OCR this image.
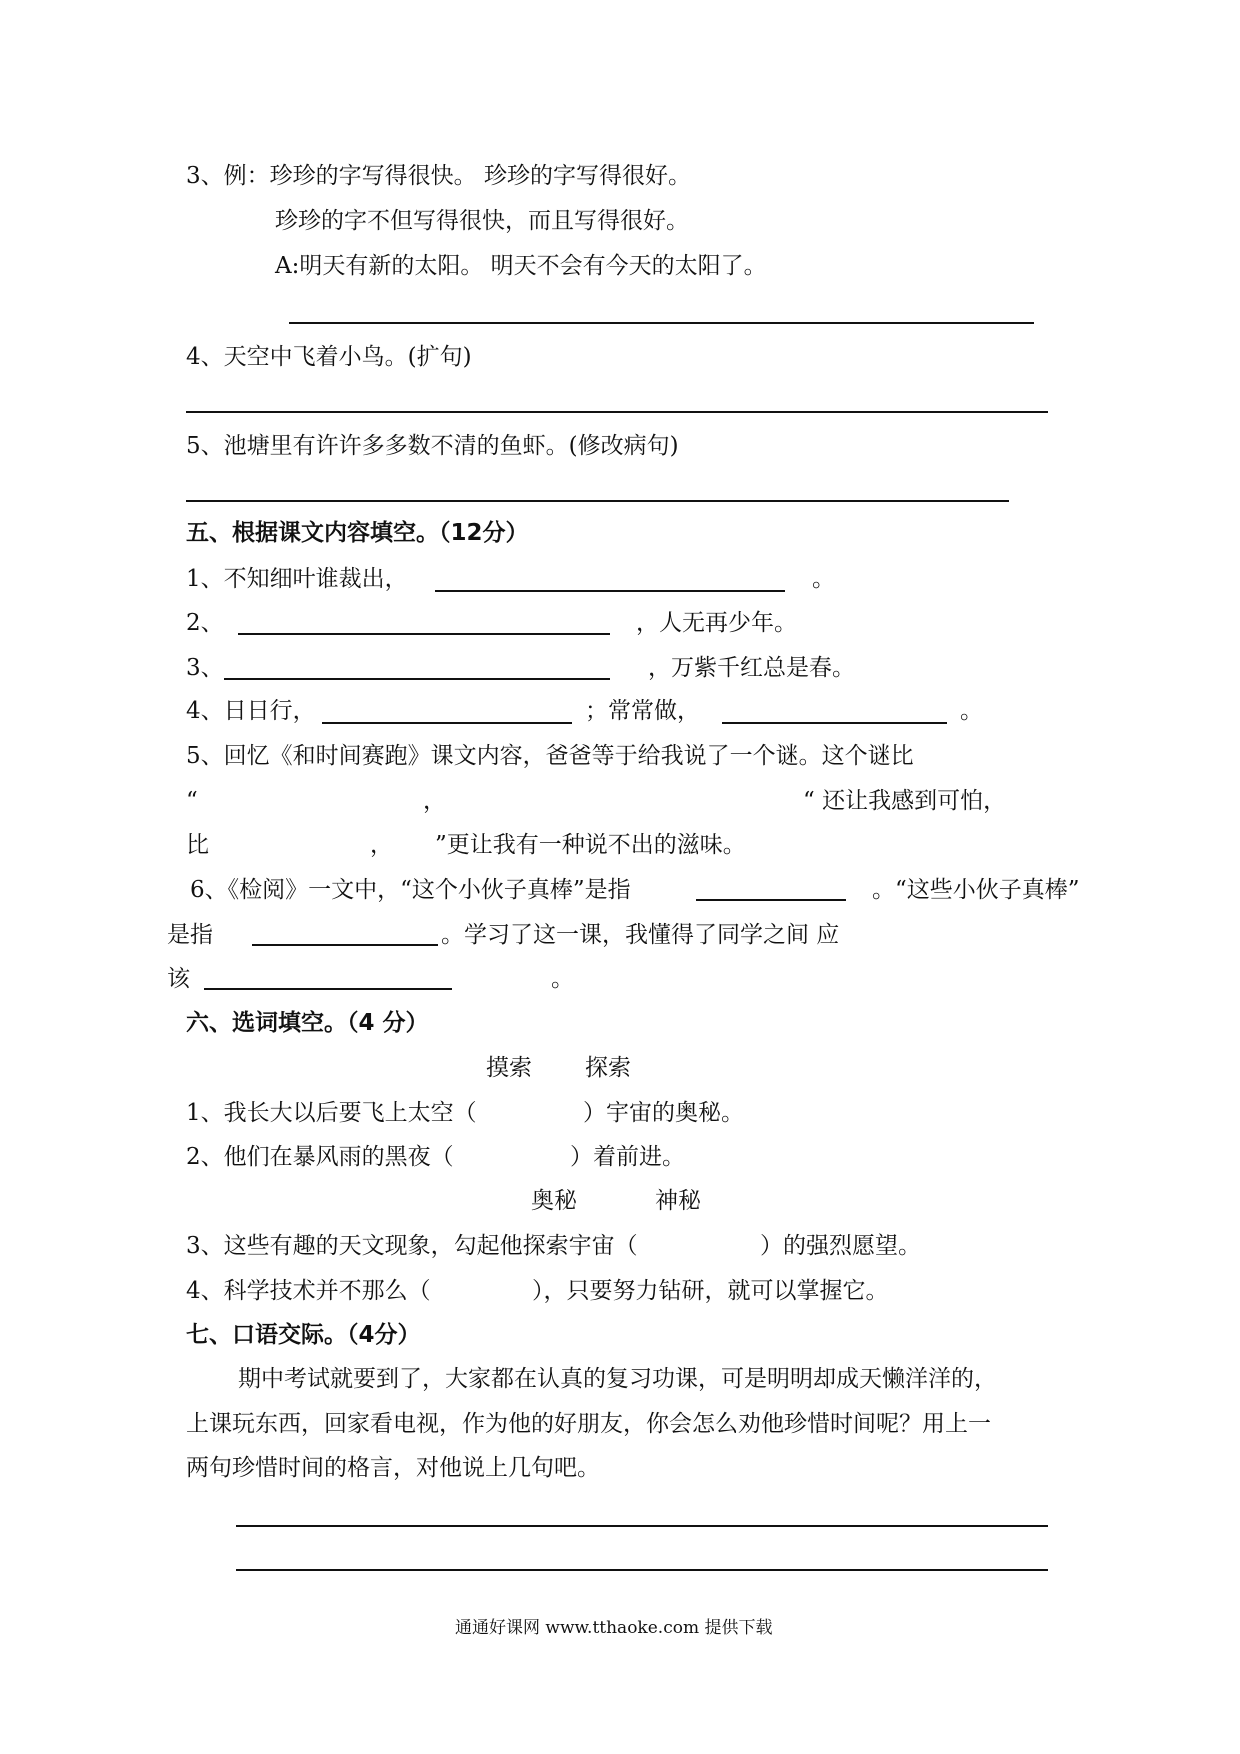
3、例：珍珍的字写得很快。 珍珍的字写得很好。
珍珍的字不但写得很快，而且写得很好。
A:明天有新的太阳。 明天不会有今天的太阳了。
4、天空中飞着小鸟。(扩句)
5、池塘里有许许多多数不清的鱼虾。(修改病句)
五、根据课文内容填空。（12分）
1、不知细叶谁裁出，	。
2、	，人无再少年。
3、	，万紫千红总是春。
4、日日行，	；常常做，	。
5、回忆《和时间赛跑》课文内容，爸爸等于给我说了一个谜。这个谜比
“	，	“ 还让我感到可怕，
比	， ”更让我有一种说不出的滋味。
6、《检阅》一文中，“这个小伙子真棒”是指	。“这些小伙子真棒”
是指	。学习了这一课，我懂得了同学之间 应
该	。
六、选词填空。（4 分）
摸索 探索
1、我长大以后要飞上太空（	）宇宙的奥秘。
2、他们在暴风雨的黑夜（	）着前进。
奥秘	神秘
3、这些有趣的天文现象，勾起他探索宇宙（	）的强烈愿望。
4、科学技术并不那么（	），只要努力钻研，就可以掌握它。
七、口语交际。（4分）
期中考试就要到了，大家都在认真的复习功课，可是明明却成天懒洋洋的，
上课玩东西，回家看电视，作为他的好朋友，你会怎么劝他珍惜时间呢？用上一
两句珍惜时间的格言，对他说上几句吧。
通通好课网 www.tthaoke.com 提供下载
